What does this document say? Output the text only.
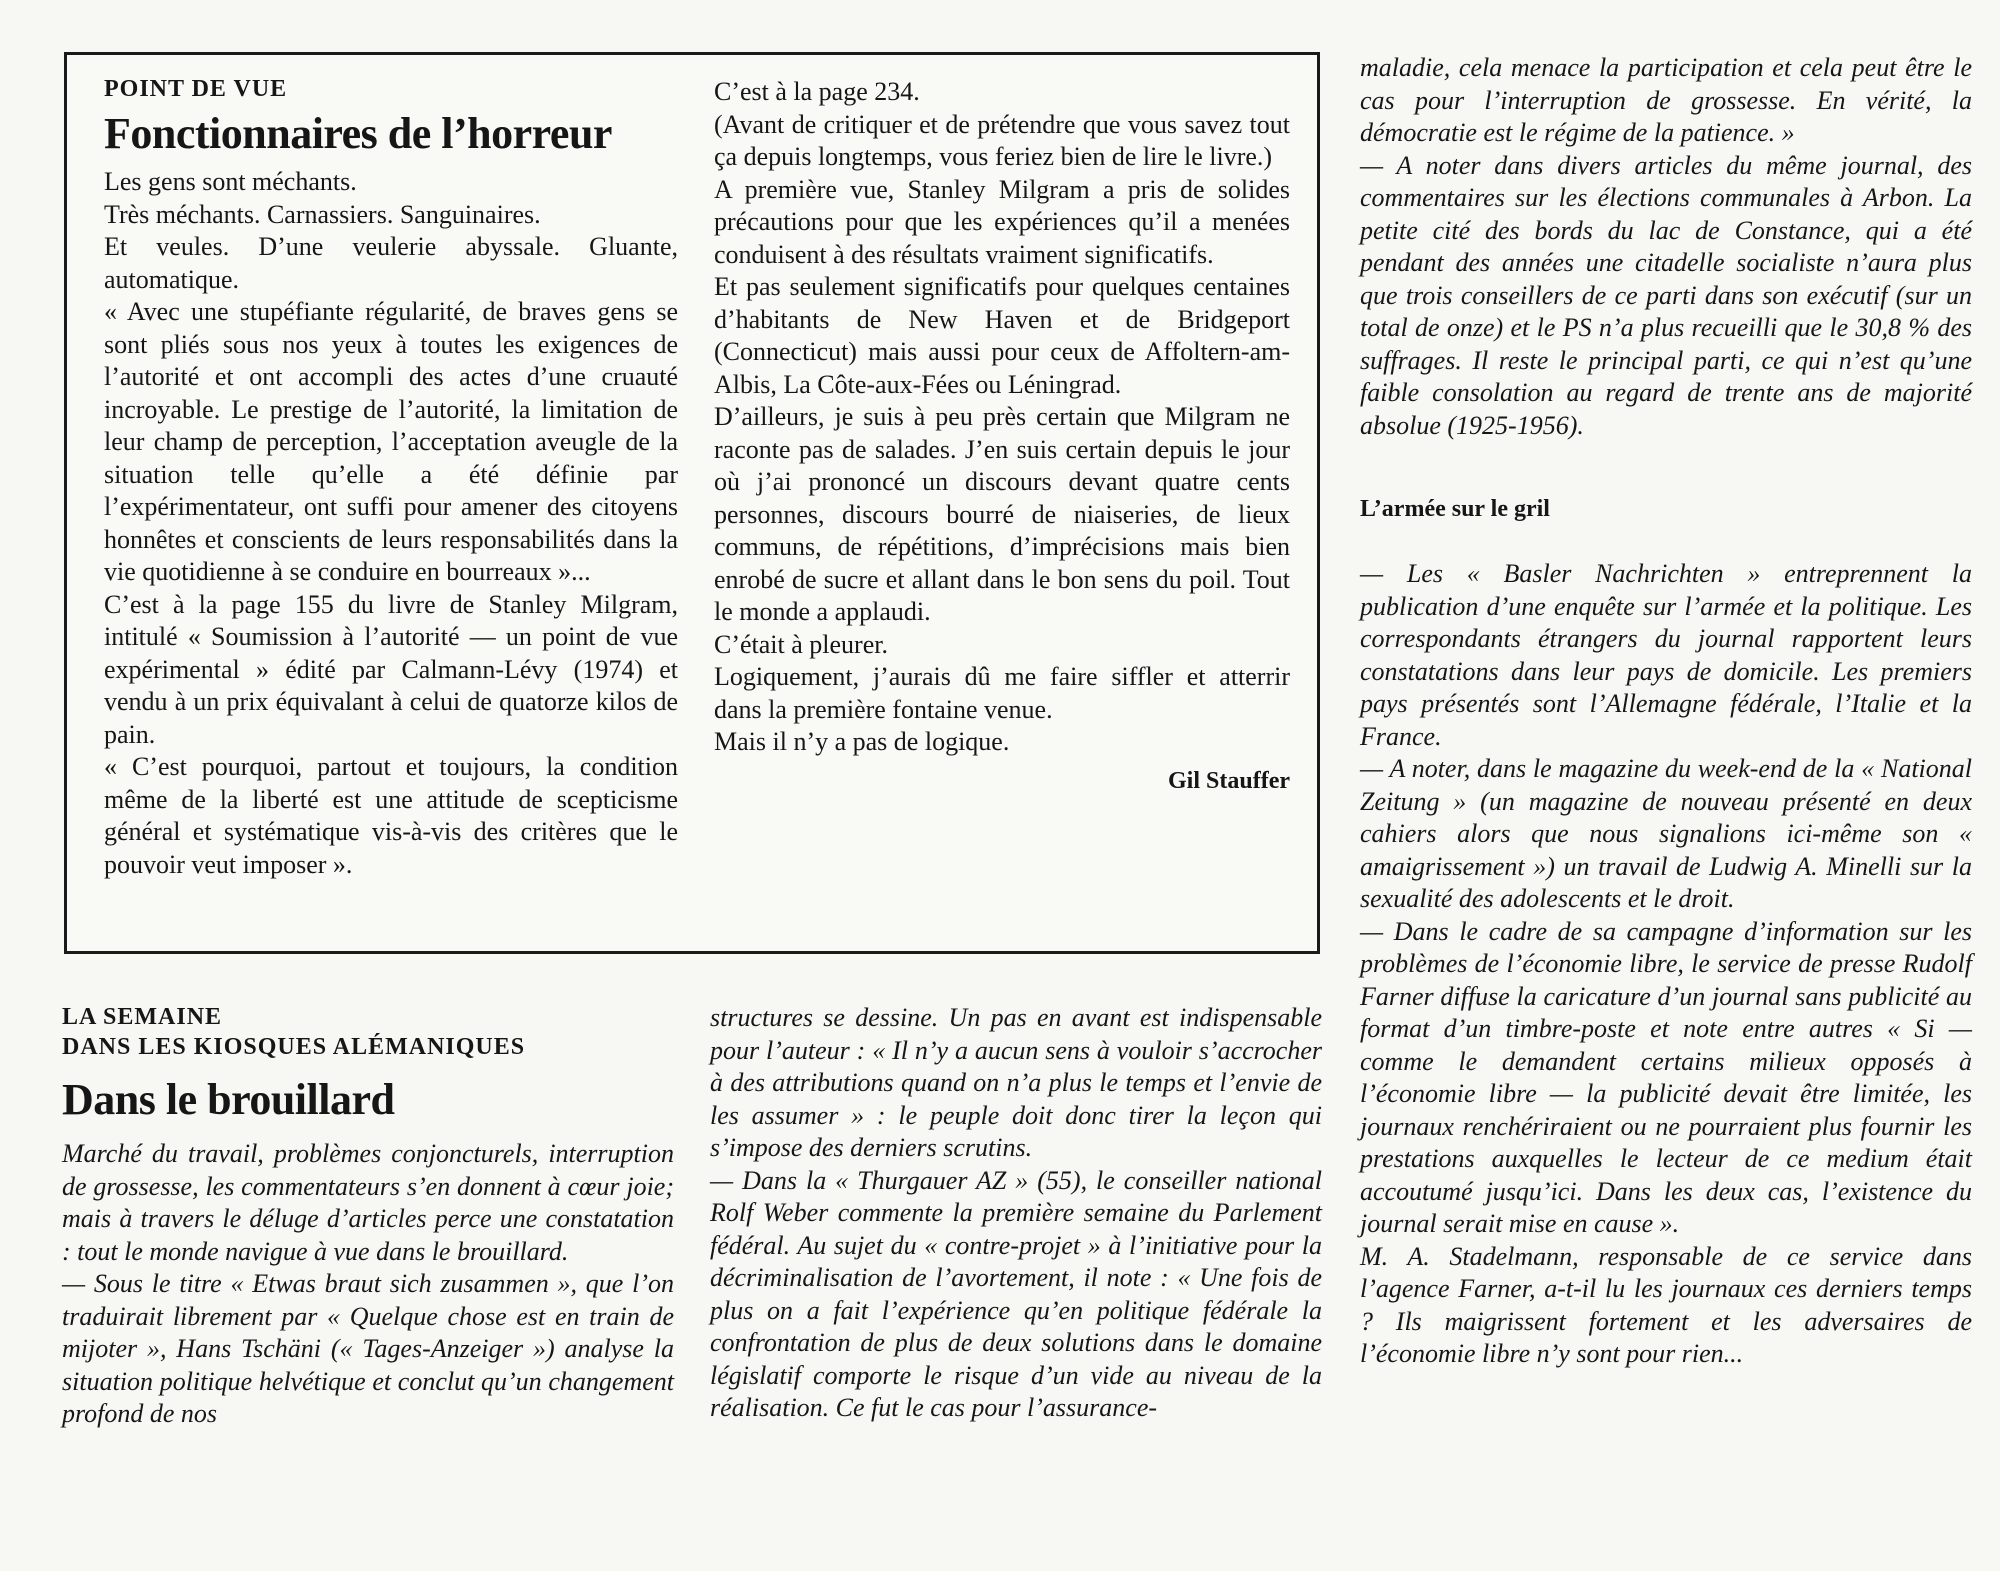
POINT DE VUE
Fonctionnaires de l’horreur

Les gens sont méchants.

Très méchants. Carnassiers. Sanguinaires.

Et veules. D’une veulerie abyssale. Gluante, automatique.

« Avec une stupéfiante régularité, de braves gens se sont pliés sous nos yeux à toutes les exigences de l’autorité et ont accompli des actes d’une cruauté incroyable. Le prestige de l’autorité, la limitation de leur champ de perception, l’acceptation aveugle de la situation telle qu’elle a été définie par l’expérimentateur, ont suffi pour amener des citoyens honnêtes et conscients de leurs responsabilités dans la vie quotidienne à se conduire en bourreaux »...

C’est à la page 155 du livre de Stanley Milgram, intitulé « Soumission à l’autorité — un point de vue expérimental » édité par Calmann-Lévy (1974) et vendu à un prix équivalant à celui de quatorze kilos de pain.

« C’est pourquoi, partout et toujours, la condition même de la liberté est une attitude de scepticisme général et systématique vis-à-vis des critères que le pouvoir veut imposer ».

C’est à la page 234.

(Avant de critiquer et de prétendre que vous savez tout ça depuis longtemps, vous feriez bien de lire le livre.)

A première vue, Stanley Milgram a pris de solides précautions pour que les expériences qu’il a menées conduisent à des résultats vraiment significatifs.

Et pas seulement significatifs pour quelques centaines d’habitants de New Haven et de Bridgeport (Connecticut) mais aussi pour ceux de Affoltern-am-Albis, La Côte-aux-Fées ou Léningrad.

D’ailleurs, je suis à peu près certain que Milgram ne raconte pas de salades. J’en suis certain depuis le jour où j’ai prononcé un discours devant quatre cents personnes, discours bourré de niaiseries, de lieux communs, de répétitions, d’imprécisions mais bien enrobé de sucre et allant dans le bon sens du poil. Tout le monde a applaudi.

C’était à pleurer.

Logiquement, j’aurais dû me faire siffler et atterrir dans la première fontaine venue.

Mais il n’y a pas de logique.

Gil Stauffer
LA SEMAINE
DANS LES KIOSQUES ALÉMANIQUES
Dans le brouillard

Marché du travail, problèmes conjoncturels, interruption de grossesse, les commentateurs s’en donnent à cœur joie; mais à travers le déluge d’articles perce une constatation : tout le monde navigue à vue dans le brouillard.

— Sous le titre « Etwas braut sich zusammen », que l’on traduirait librement par « Quelque chose est en train de mijoter », Hans Tschäni (« Tages-Anzeiger ») analyse la situation politique helvétique et conclut qu’un changement profond de nos

structures se dessine. Un pas en avant est indispensable pour l’auteur : « Il n’y a aucun sens à vouloir s’accrocher à des attributions quand on n’a plus le temps et l’envie de les assumer » : le peuple doit donc tirer la leçon qui s’impose des derniers scrutins.

— Dans la « Thurgauer AZ » (55), le conseiller national Rolf Weber commente la première semaine du Parlement fédéral. Au sujet du « contre-projet » à l’initiative pour la décriminalisation de l’avortement, il note : « Une fois de plus on a fait l’expérience qu’en politique fédérale la confrontation de plus de deux solutions dans le domaine législatif comporte le risque d’un vide au niveau de la réalisation. Ce fut le cas pour l’assurance-

maladie, cela menace la participation et cela peut être le cas pour l’interruption de grossesse. En vérité, la démocratie est le régime de la patience. »

— A noter dans divers articles du même journal, des commentaires sur les élections communales à Arbon. La petite cité des bords du lac de Constance, qui a été pendant des années une citadelle socialiste n’aura plus que trois conseillers de ce parti dans son exécutif (sur un total de onze) et le PS n’a plus recueilli que le 30,8 % des suffrages. Il reste le principal parti, ce qui n’est qu’une faible consolation au regard de trente ans de majorité absolue (1925-1956).

L’armée sur le gril

— Les « Basler Nachrichten » entreprennent la publication d’une enquête sur l’armée et la politique. Les correspondants étrangers du journal rapportent leurs constatations dans leur pays de domicile. Les premiers pays présentés sont l’Allemagne fédérale, l’Italie et la France.

— A noter, dans le magazine du week-end de la « National Zeitung » (un magazine de nouveau présenté en deux cahiers alors que nous signalions ici-même son « amaigrissement ») un travail de Ludwig A. Minelli sur la sexualité des adolescents et le droit.

— Dans le cadre de sa campagne d’information sur les problèmes de l’économie libre, le service de presse Rudolf Farner diffuse la caricature d’un journal sans publicité au format d’un timbre-poste et note entre autres « Si — comme le demandent certains milieux opposés à l’économie libre — la publicité devait être limitée, les journaux renchériraient ou ne pourraient plus fournir les prestations auxquelles le lecteur de ce medium était accoutumé jusqu’ici. Dans les deux cas, l’existence du journal serait mise en cause ».

M. A. Stadelmann, responsable de ce service dans l’agence Farner, a-t-il lu les journaux ces derniers temps ? Ils maigrissent fortement et les adversaires de l’économie libre n’y sont pour rien...
